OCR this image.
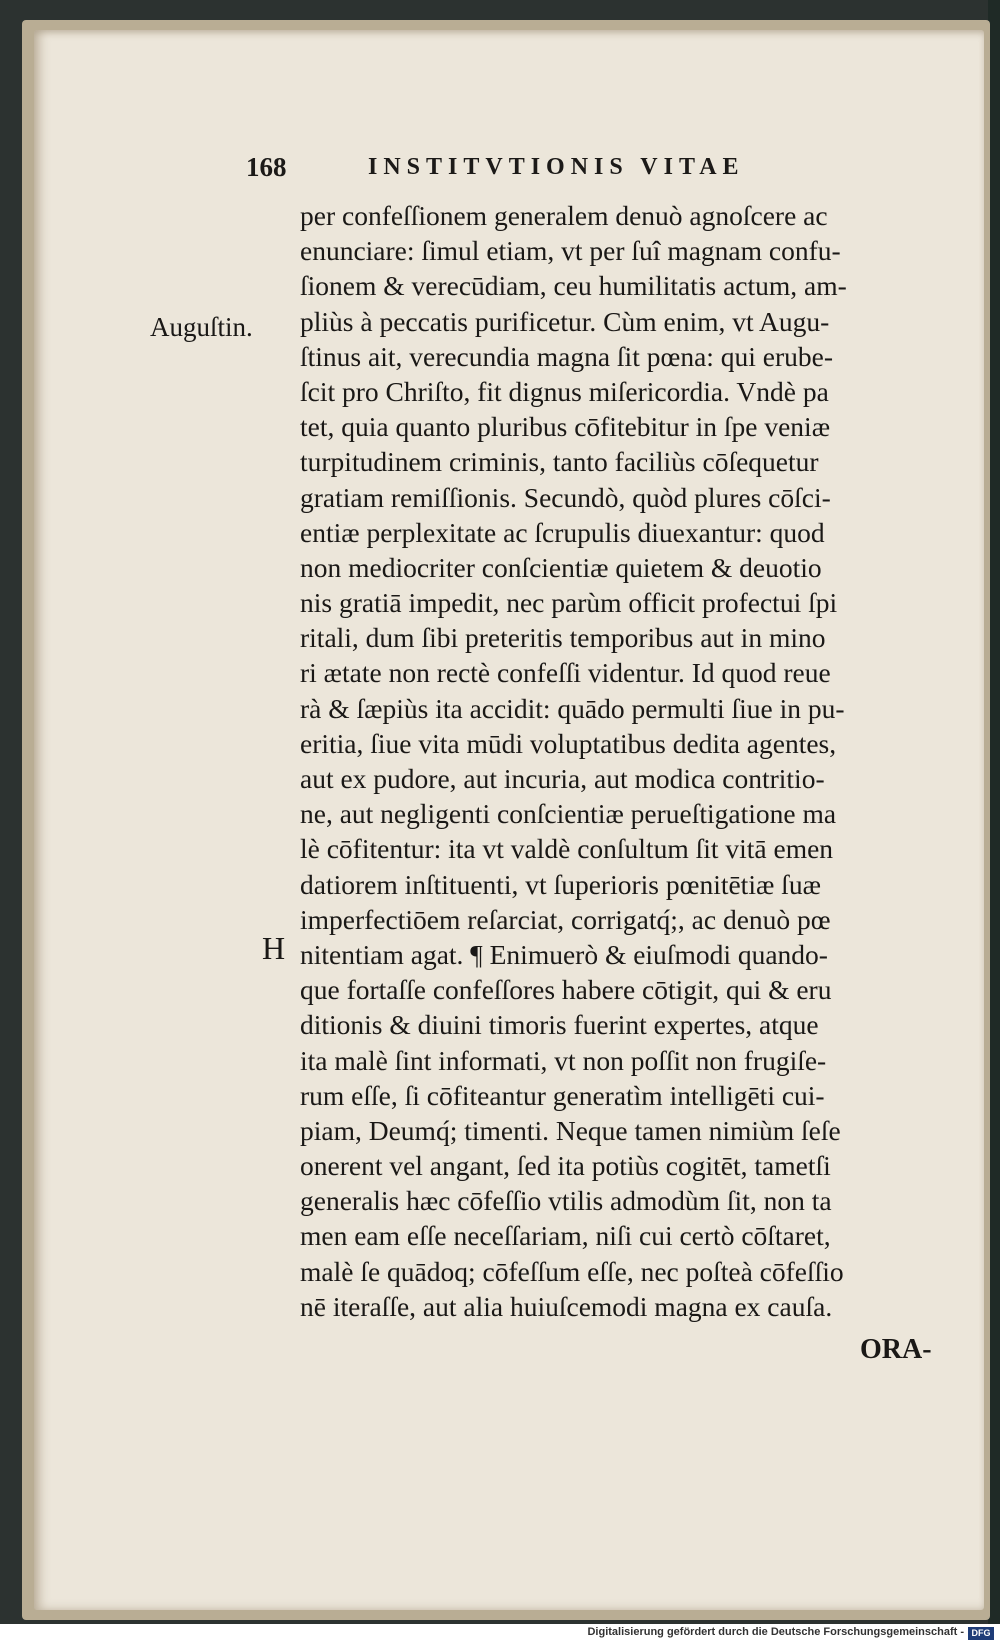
168	INSTITVTIONIS VITAE
Auguſtin.
H
per confeſſionem generalem denuò agnoſcere ac
enunciare: ſimul etiam, vt per ſuî magnam confu-
ſionem & verecūdiam, ceu humilitatis actum, am-
pliùs à peccatis purificetur. Cùm enim, vt Augu-
ſtinus ait, verecundia magna ſit pœna: qui erube-
ſcit pro Chriſto, fit dignus miſericordia. Vndè pa
tet, quia quanto pluribus cōfitebitur in ſpe veniæ
turpitudinem criminis, tanto faciliùs cōſequetur
gratiam remiſſionis. Secundò, quòd plures cōſci-
entiæ perplexitate ac ſcrupulis diuexantur: quod
non mediocriter conſcientiæ quietem & deuotio
nis gratiā impedit, nec parùm officit profectui ſpi
ritali, dum ſibi preteritis temporibus aut in mino
ri ætate non rectè confeſſi videntur. Id quod reue
rà & ſæpiùs ita accidit: quādo permulti ſiue in pu-
eritia, ſiue vita mūdi voluptatibus dedita agentes,
aut ex pudore, aut incuria, aut modica contritio-
ne, aut negligenti conſcientiæ perueſtigatione ma
lè cōfitentur: ita vt valdè conſultum ſit vitā emen
datiorem inſtituenti, vt ſuperioris pœnitētiæ ſuæ
imperfectiōem reſarciat, corrigatq́;, ac denuò pœ
nitentiam agat. ¶ Enimuerò & eiuſmodi quando-
que fortaſſe confeſſores habere cōtigit, qui & eru
ditionis & diuini timoris fuerint expertes, atque
ita malè ſint informati, vt non poſſit non frugiſe-
rum eſſe, ſi cōfiteantur generatìm intelligēti cui-
piam, Deumq́; timenti. Neque tamen nimiùm ſeſe
onerent vel angant, ſed ita potiùs cogitēt, tametſi
generalis hæc cōfeſſio vtilis admodùm ſit, non ta
men eam eſſe neceſſariam, niſi cui certò cōſtaret,
malè ſe quādoq; cōfeſſum eſſe, nec poſteà cōfeſſio
nē iteraſſe, aut alia huiuſcemodi magna ex cauſa.
ORA-
Digitalisierung gefördert durch die Deutsche Forschungsgemeinschaft - DFG
